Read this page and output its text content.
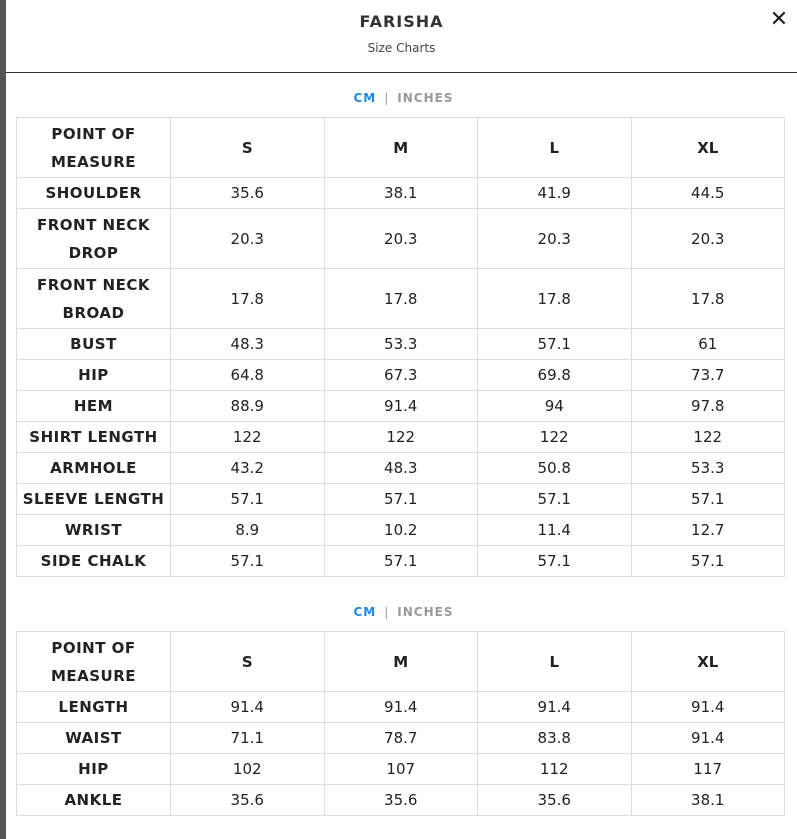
FARISHA
Size Charts
✕
CM | INCHES
POINT OF MEASURE	S	M	L	XL
SHOULDER	35.6	38.1	41.9	44.5
FRONT NECK DROP	20.3	20.3	20.3	20.3
FRONT NECK BROAD	17.8	17.8	17.8	17.8
BUST	48.3	53.3	57.1	61
HIP	64.8	67.3	69.8	73.7
HEM	88.9	91.4	94	97.8
SHIRT LENGTH	122	122	122	122
ARMHOLE	43.2	48.3	50.8	53.3
SLEEVE LENGTH	57.1	57.1	57.1	57.1
WRIST	8.9	10.2	11.4	12.7
SIDE CHALK	57.1	57.1	57.1	57.1
CM | INCHES
POINT OF MEASURE	S	M	L	XL
LENGTH	91.4	91.4	91.4	91.4
WAIST	71.1	78.7	83.8	91.4
HIP	102	107	112	117
ANKLE	35.6	35.6	35.6	38.1
